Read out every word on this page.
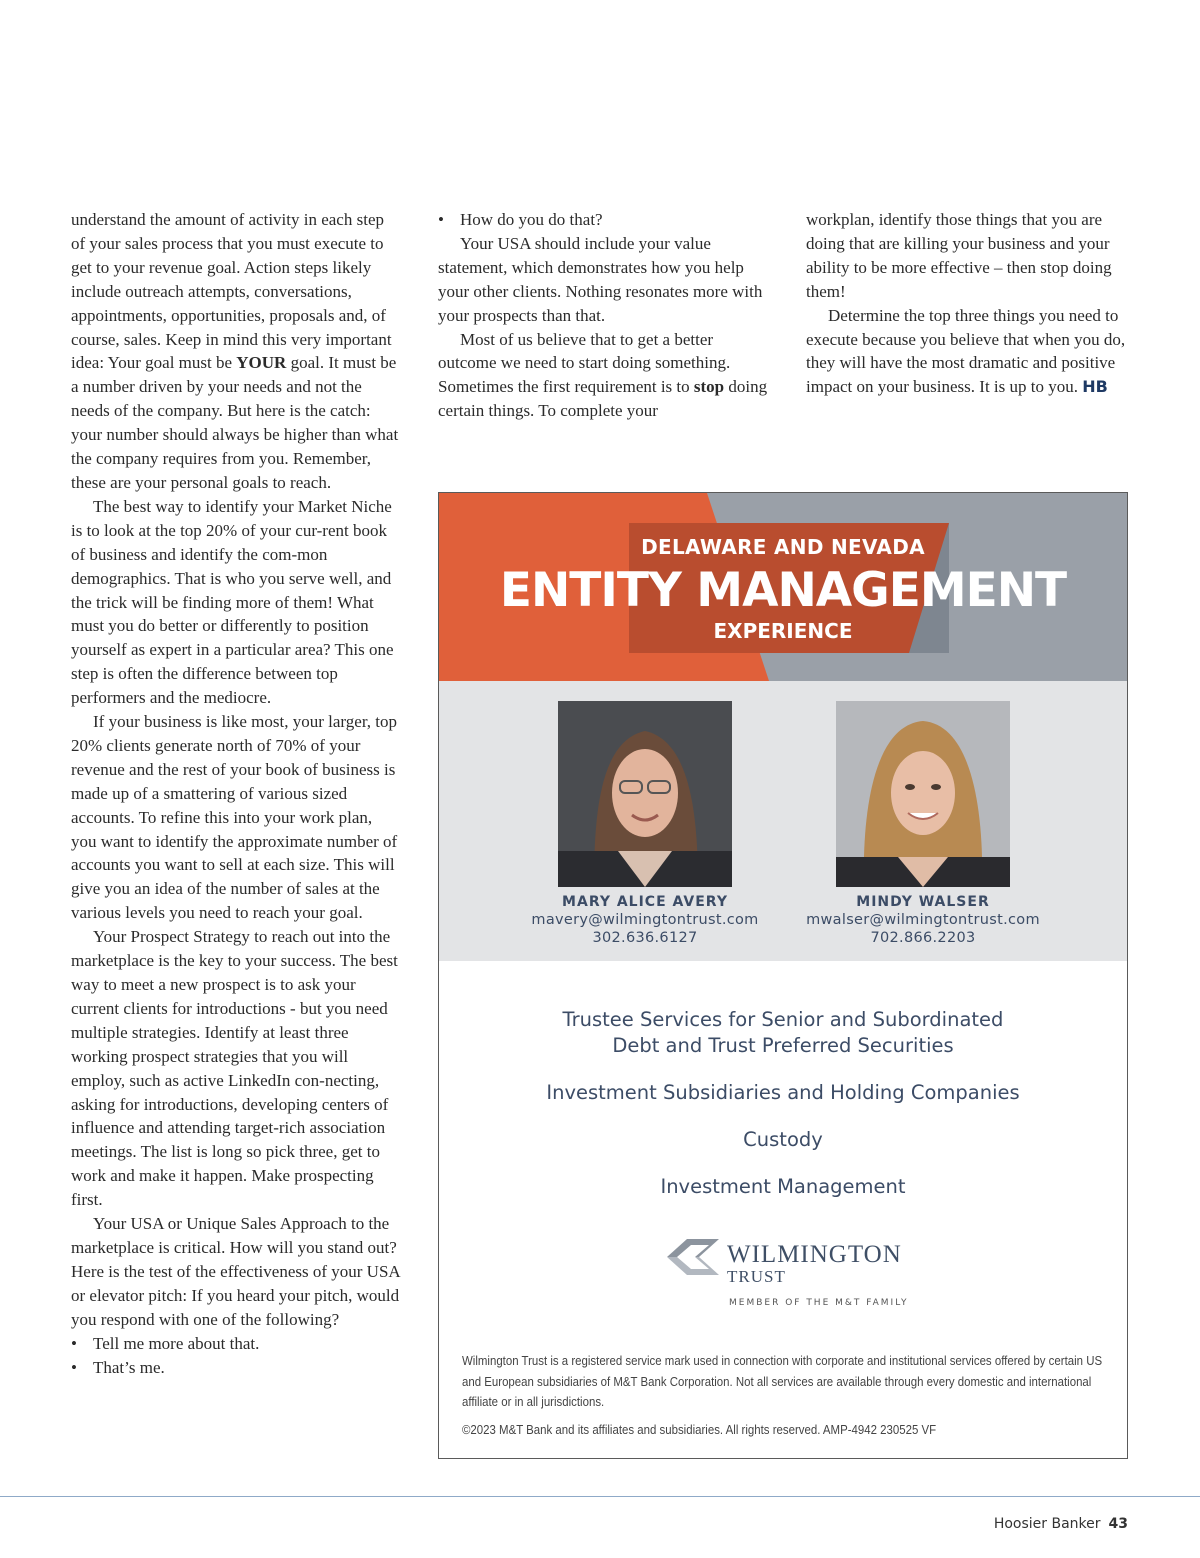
understand the amount of activity in each step of your sales process that you must execute to get to your revenue goal. Action steps likely include outreach attempts, conversations, appointments, opportunities, proposals and, of course, sales. Keep in mind this very important idea: Your goal must be YOUR goal. It must be a number driven by your needs and not the needs of the company. But here is the catch: your number should always be higher than what the company requires from you. Remember, these are your personal goals to reach.

The best way to identify your Market Niche is to look at the top 20% of your cur-rent book of business and identify the com-mon demographics. That is who you serve well, and the trick will be finding more of them! What must you do better or differently to position yourself as expert in a particular area? This one step is often the difference between top performers and the mediocre.

If your business is like most, your larger, top 20% clients generate north of 70% of your revenue and the rest of your book of business is made up of a smattering of various sized accounts. To refine this into your work plan, you want to identify the approximate number of accounts you want to sell at each size. This will give you an idea of the number of sales at the various levels you need to reach your goal.

Your Prospect Strategy to reach out into the marketplace is the key to your success. The best way to meet a new prospect is to ask your current clients for introductions - but you need multiple strategies. Identify at least three working prospect strategies that you will employ, such as active LinkedIn con-necting, asking for introductions, developing centers of influence and attending target-rich association meetings. The list is long so pick three, get to work and make it happen. Make prospecting first.

Your USA or Unique Sales Approach to the marketplace is critical. How will you stand out? Here is the test of the effectiveness of your USA or elevator pitch: If you heard your pitch, would you respond with one of the following?

• Tell me more about that.
• That’s me.
• How do you do that?

Your USA should include your value statement, which demonstrates how you help your other clients. Nothing resonates more with your prospects than that.

Most of us believe that to get a better outcome we need to start doing something. Sometimes the first requirement is to stop doing certain things. To complete your

workplan, identify those things that you are doing that are killing your business and your ability to be more effective – then stop doing them!

Determine the top three things you need to execute because you believe that when you do, they will have the most dramatic and positive impact on your business. It is up to you. HB

DELAWARE AND NEVADA
ENTITY MANAGEMENT
EXPERIENCE
MARY ALICE AVERY
mavery@wilmingtontrust.com
302.636.6127
MINDY WALSER
mwalser@wilmingtontrust.com
702.866.2203
Trustee Services for Senior and Subordinated
Debt and Trust Preferred Securities
Investment Subsidiaries and Holding Companies
Custody
Investment Management
WILMINGTON
TRUST
MEMBER OF THE M&T FAMILY

Wilmington Trust is a registered service mark used in connection with corporate and institutional services offered by certain US and European subsidiaries of M&T Bank Corporation. Not all services are available through every domestic and international affiliate or in all jurisdictions.

©2023 M&T Bank and its affiliates and subsidiaries. All rights reserved. AMP-4942 230525 VF

Hoosier Banker 43
